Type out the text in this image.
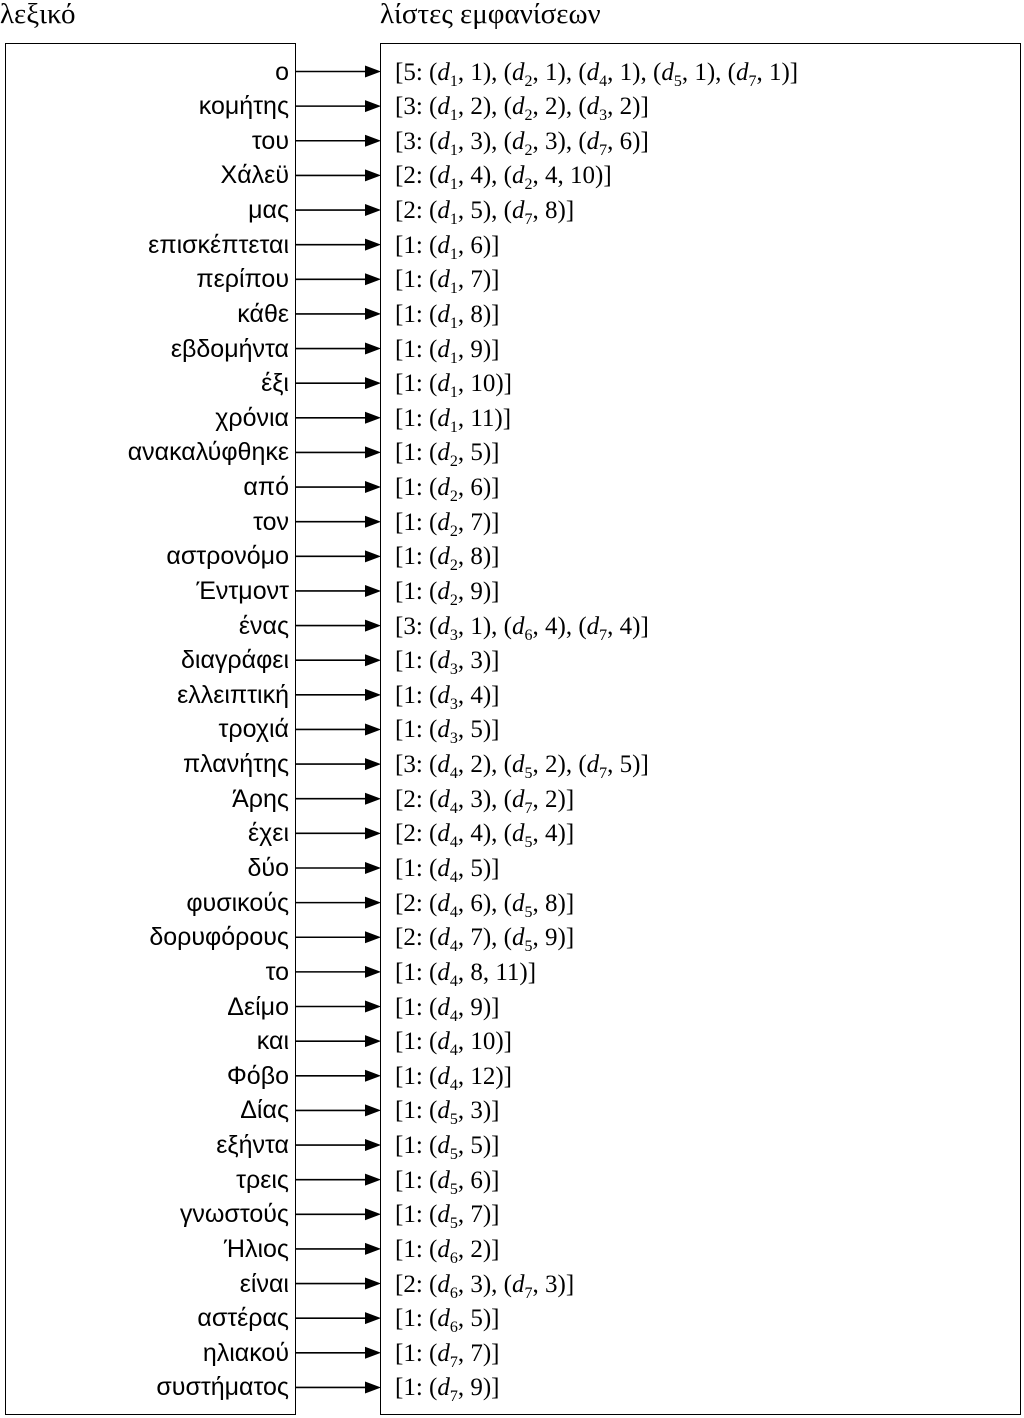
λεξικό	λίστες εμφανίσεων
ο	[5: ($d_1$, 1), ($d_2$, 1), ($d_4$, 1), ($d_5$, 1), ($d_7$, 1)]
κομήτης	[3: ($d_1$, 2), ($d_2$, 2), ($d_3$, 2)]
του	[3: ($d_1$, 3), ($d_2$, 3), ($d_7$, 6)]
Χάλεϋ	[2: ($d_1$, 4), ($d_2$, 4, 10)]
μας	[2: ($d_1$, 5), ($d_7$, 8)]
επισκέπτεται	[1: ($d_1$, 6)]
περίπου	[1: ($d_1$, 7)]
κάθε	[1: ($d_1$, 8)]
εβδομήντα	[1: ($d_1$, 9)]
έξι	[1: ($d_1$, 10)]
χρόνια	[1: ($d_1$, 11)]
ανακαλύφθηκε	[1: ($d_2$, 5)]
από	[1: ($d_2$, 6)]
τον	[1: ($d_2$, 7)]
αστρονόμο	[1: ($d_2$, 8)]
Έντμοντ	[1: ($d_2$, 9)]
ένας	[3: ($d_3$, 1), ($d_6$, 4), ($d_7$, 4)]
διαγράφει	[1: ($d_3$, 3)]
ελλειπτική	[1: ($d_3$, 4)]
τροχιά	[1: ($d_3$, 5)]
πλανήτης	[3: ($d_4$, 2), ($d_5$, 2), ($d_7$, 5)]
Άρης	[2: ($d_4$, 3), ($d_7$, 2)]
έχει	[2: ($d_4$, 4), ($d_5$, 4)]
δύο	[1: ($d_4$, 5)]
φυσικούς	[2: ($d_4$, 6), ($d_5$, 8)]
δορυφόρους	[2: ($d_4$, 7), ($d_5$, 9)]
το	[1: ($d_4$, 8, 11)]
Δείμο	[1: ($d_4$, 9)]
και	[1: ($d_4$, 10)]
Φόβο	[1: ($d_4$, 12)]
Δίας	[1: ($d_5$, 3)]
εξήντα	[1: ($d_5$, 5)]
τρεις	[1: ($d_5$, 6)]
γνωστούς	[1: ($d_5$, 7)]
Ήλιος	[1: ($d_6$, 2)]
είναι	[2: ($d_6$, 3), ($d_7$, 3)]
αστέρας	[1: ($d_6$, 5)]
ηλιακού	[1: ($d_7$, 7)]
συστήματος	[1: ($d_7$, 9)]
